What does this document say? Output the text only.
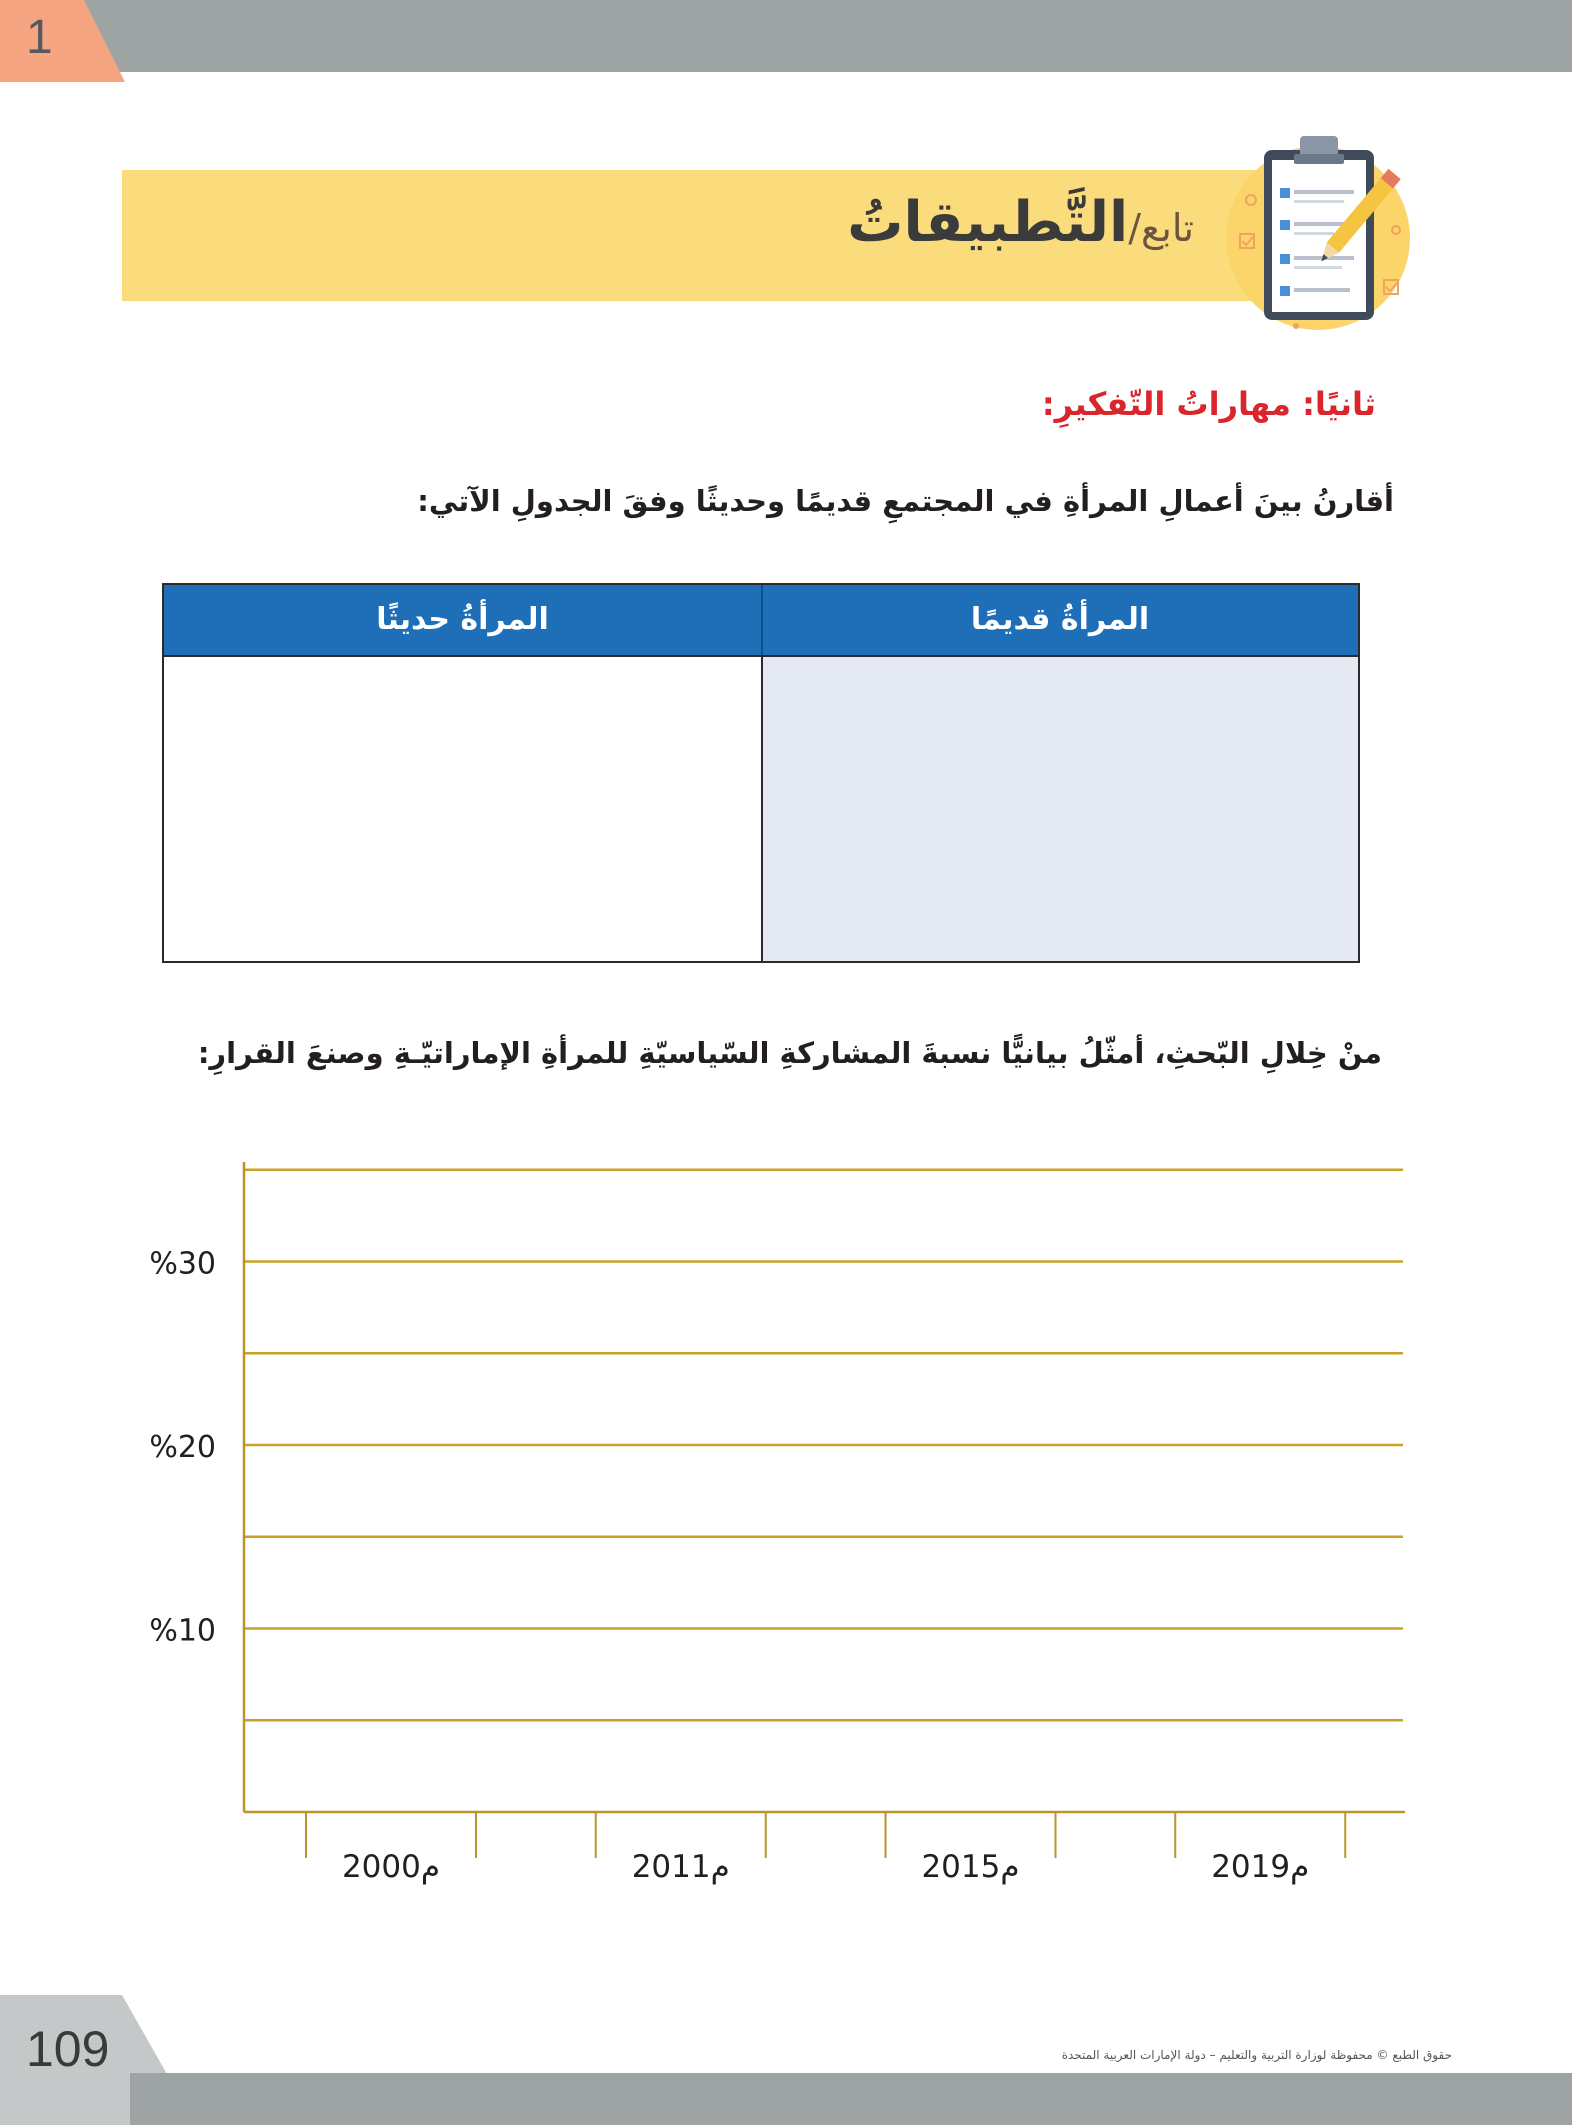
1
تابع/التَّطبيقاتُ
ثانيًا: مهاراتُ التّفكيرِ:
أقارنُ بينَ أعمالِ المرأةِ في المجتمعِ قديمًا وحديثًا وفقَ الجدولِ الآتي:
المرأةُ قديمًا
المرأةُ حديثًا
منْ خِلالِ البّحثِ، أمثّلُ بيانيًّا نسبةَ المشاركةِ السّياسيّةِ للمرأةِ الإماراتيّـةِ وصنعَ القرارِ:
%10
%20
%30
2000م	2011م	2015م	2019م
109	حقوق الطبع © محفوظة لوزارة التربية والتعليم – دولة الإمارات العربية المتحدة
